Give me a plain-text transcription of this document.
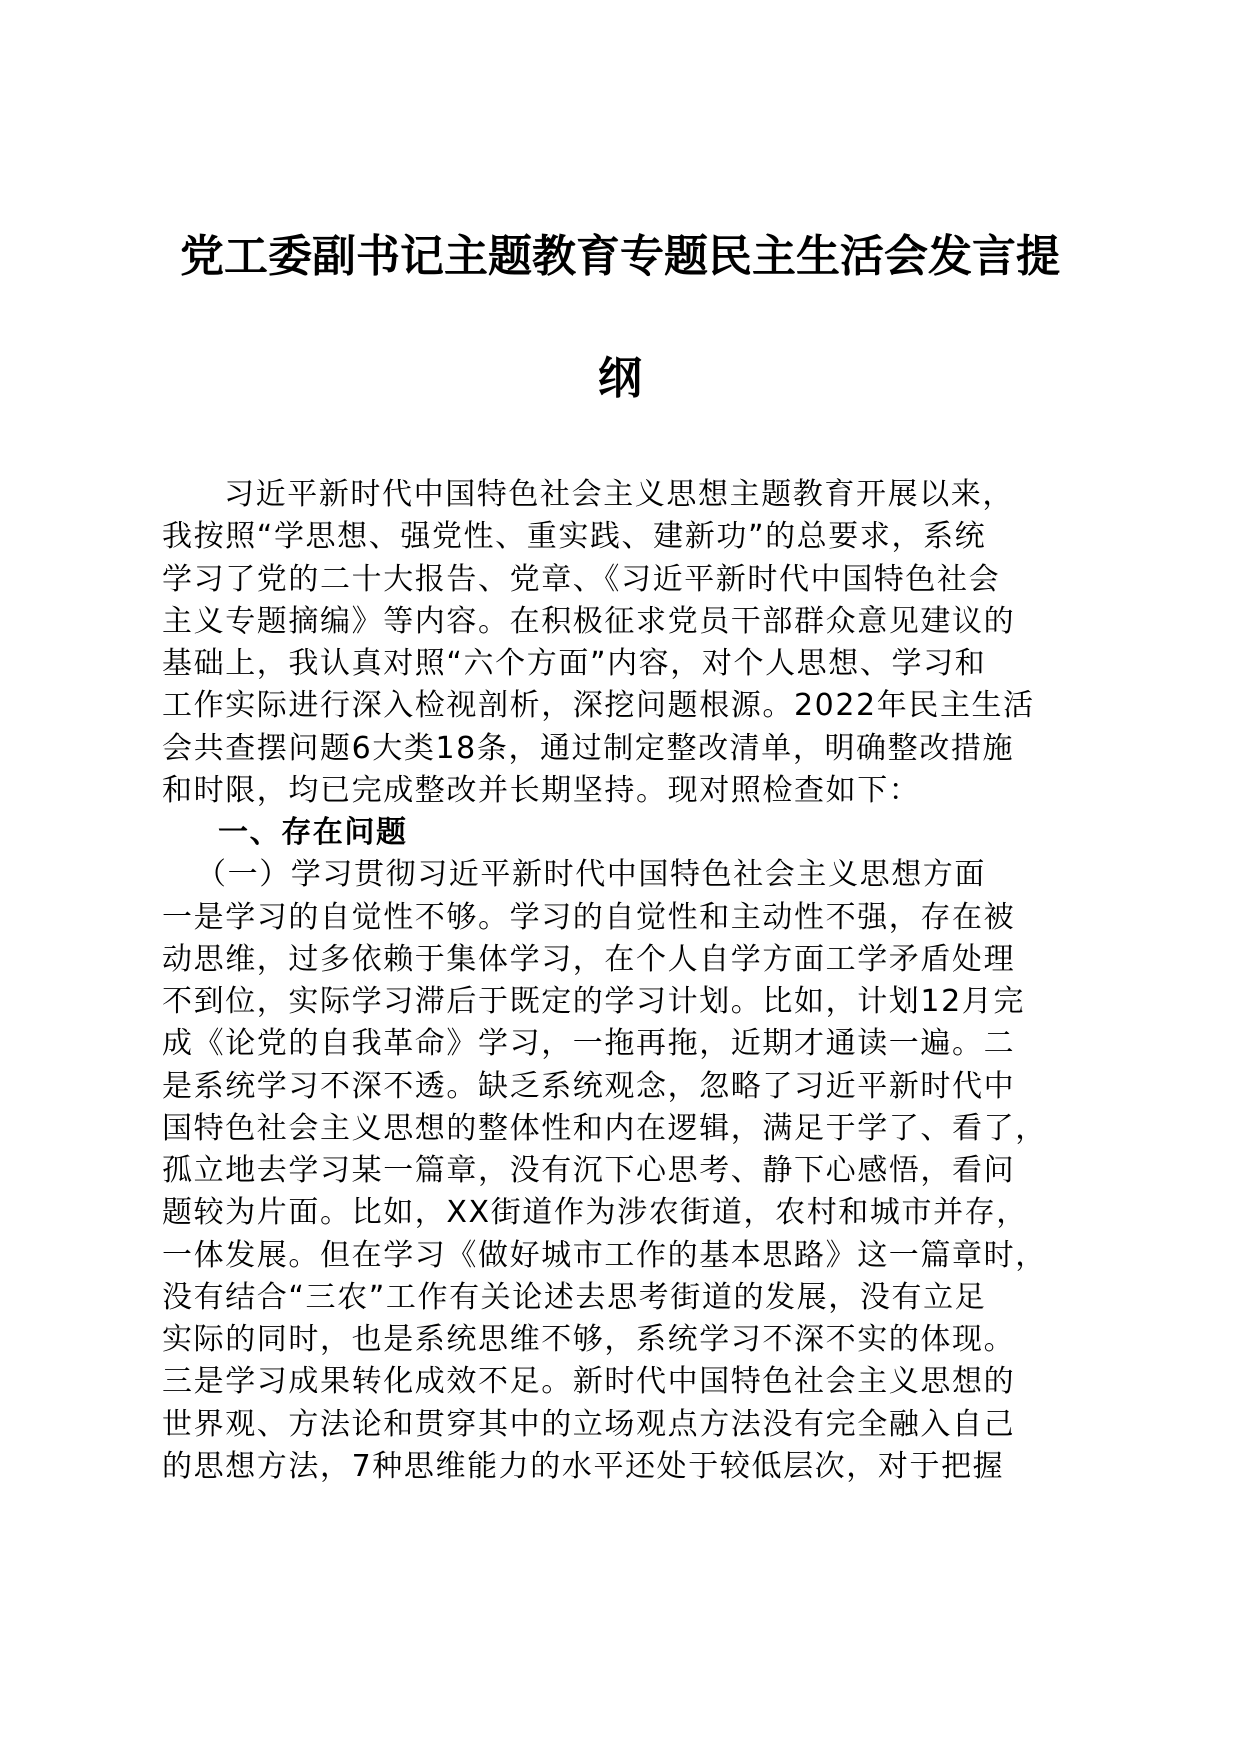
党工委副书记主题教育专题民主生活会发言提
纲
习近平新时代中国特色社会主义思想主题教育开展以来，
我按照“学思想、强党性、重实践、建新功”的总要求，系统
学习了党的二十大报告、党章、《习近平新时代中国特色社会
主义专题摘编》等内容。在积极征求党员干部群众意见建议的
基础上，我认真对照“六个方面”内容，对个人思想、学习和
工作实际进行深入检视剖析，深挖问题根源。2022年民主生活
会共查摆问题6大类18条，通过制定整改清单，明确整改措施
和时限，均已完成整改并长期坚持。现对照检查如下：
一、存在问题
（一）学习贯彻习近平新时代中国特色社会主义思想方面
一是学习的自觉性不够。学习的自觉性和主动性不强，存在被
动思维，过多依赖于集体学习，在个人自学方面工学矛盾处理
不到位，实际学习滞后于既定的学习计划。比如，计划12月完
成《论党的自我革命》学习，一拖再拖，近期才通读一遍。二
是系统学习不深不透。缺乏系统观念，忽略了习近平新时代中
国特色社会主义思想的整体性和内在逻辑，满足于学了、看了，
孤立地去学习某一篇章，没有沉下心思考、静下心感悟，看问
题较为片面。比如，XX街道作为涉农街道，农村和城市并存，
一体发展。但在学习《做好城市工作的基本思路》这一篇章时，
没有结合“三农”工作有关论述去思考街道的发展，没有立足
实际的同时，也是系统思维不够，系统学习不深不实的体现。
三是学习成果转化成效不足。新时代中国特色社会主义思想的
世界观、方法论和贯穿其中的立场观点方法没有完全融入自己
的思想方法，7种思维能力的水平还处于较低层次，对于把握
